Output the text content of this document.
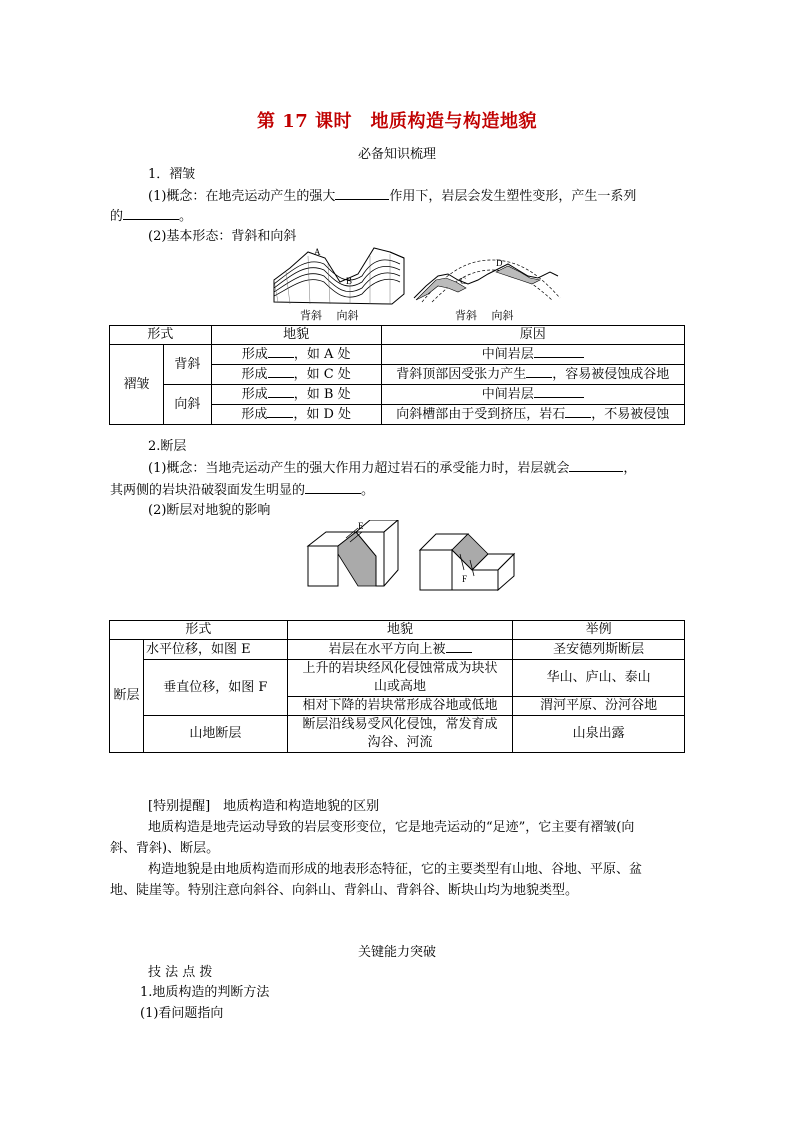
第 17 课时　地质构造与构造地貌
必备知识梳理
1．褶皱
(1)概念：在地壳运动产生的强大	作用下，岩层会发生塑性变形，产生一系列
的	。
(2)基本形态：背斜和向斜
A
B
背斜　 向斜
C
D
背斜　 向斜
形式		地貌	原因
褶皱	背斜	形成 ，如 A 处	中间岩层
		形成 ，如 C 处	背斜顶部因受张力产生 ，容易被侵蚀成谷地
	向斜	形成 ，如 B 处	中间岩层
		形成 ，如 D 处	向斜槽部由于受到挤压，岩石 ，不易被侵蚀
2.断层
(1)概念：当地壳运动产生的强大作用力超过岩石的承受能力时，岩层就会	，
其两侧的岩块沿破裂面发生明显的	。
(2)断层对地貌的影响
E
F
形式		地貌	举例
断层	水平位移，如图 E	岩层在水平方向上被	圣安德列斯断层
	垂直位移，如图 F	上升的岩块经风化侵蚀常成为块状山或高地	华山、庐山、泰山
		相对下降的岩块常形成谷地或低地	渭河平原、汾河谷地
	山地断层	断层沿线易受风化侵蚀，常发育成沟谷、河流	山泉出露
[特别提醒]　地质构造和构造地貌的区别
地质构造是地壳运动导致的岩层变形变位，它是地壳运动的“足迹”，它主要有褶皱(向
斜、背斜)、断层。
构造地貌是由地质构造而形成的地表形态特征，它的主要类型有山地、谷地、平原、盆
地、陡崖等。特别注意向斜谷、向斜山、背斜山、背斜谷、断块山均为地貌类型。
关键能力突破
技 法 点 拨
1.地质构造的判断方法
(1)看问题指向
